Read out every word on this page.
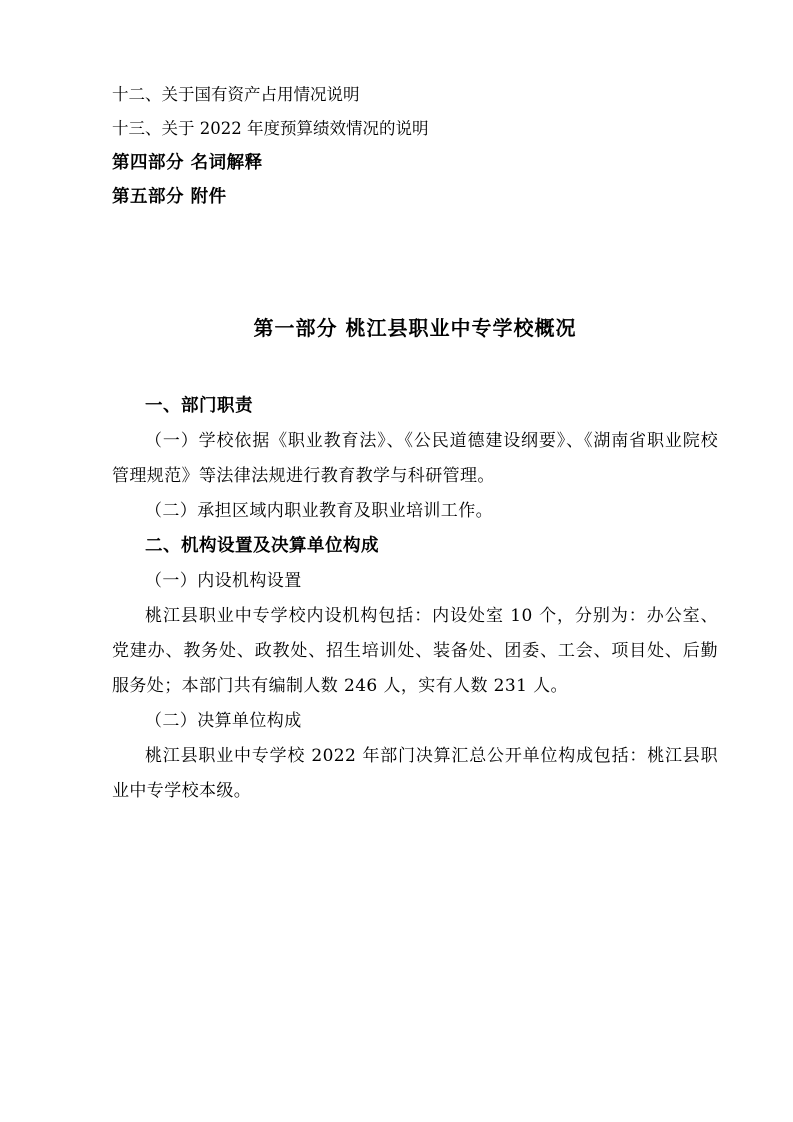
十二、关于国有资产占用情况说明
十三、关于 2022 年度预算绩效情况的说明
第四部分 名词解释
第五部分 附件
第一部分 桃江县职业中专学校概况
一、部门职责
（一）学校依据《职业教育法》、《公民道德建设纲要》、《湖南省职业院校管理规范》等法律法规进行教育教学与科研管理。
（二）承担区域内职业教育及职业培训工作。
二、机构设置及决算单位构成
（一）内设机构设置
桃江县职业中专学校内设机构包括：内设处室 10 个，分别为：办公室、党建办、教务处、政教处、招生培训处、装备处、团委、工会、项目处、后勤服务处；本部门共有编制人数 246 人，实有人数 231 人。
（二）决算单位构成
桃江县职业中专学校 2022 年部门决算汇总公开单位构成包括：桃江县职业中专学校本级。
